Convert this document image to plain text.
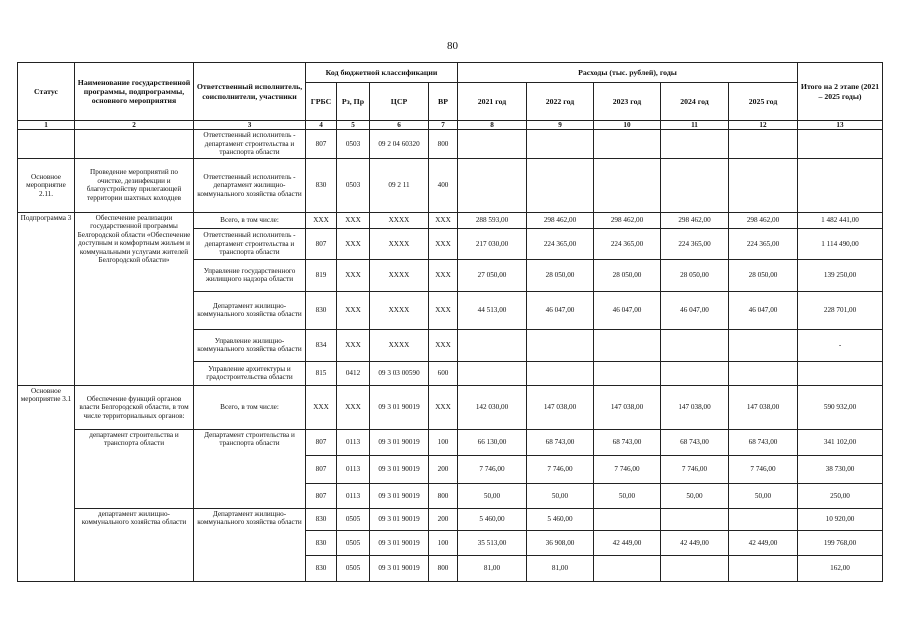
80
Статус	Наименование государственной программы, подпрограммы, основного мероприятия	Ответственный исполнитель, соисполнители, участники	Код бюджетной классификации				Расходы (тыс. рублей), годы					Итого на 2 этапе (2021 – 2025 годы)
			ГРБС	Рз, Пр	ЦСР	ВР	2021 год	2022 год	2023 год	2024 год	2025 год	
1	2	3	4	5	6	7	8	9	10	11	12	13
		Ответственный исполнитель - департамент строительства и транспорта области	807	0503	09 2 04 60320	800						
Основное мероприятие 2.11.	Проведение мероприятий по очистке, дезинфекции и благоустройству прилегающей территории шахтных колодцев	Ответственный исполнитель - департамент жилищно-коммунального хозяйства области	830	0503	09 2 11	400						
Подпрограмма 3	Обеспечение реализации государственной программы Белгородской области «Обеспечение доступным и комфортным жильем и коммунальными услугами жителей Белгородской области»	Всего, в том числе:	ХХХ	ХХХ	ХХХХ	ХХХ	288 593,00	298 462,00	298 462,00	298 462,00	298 462,00	1 482 441,00
		Ответственный исполнитель - департамент строительства и транспорта области	807	ХХХ	ХХХХ	ХХХ	217 030,00	224 365,00	224 365,00	224 365,00	224 365,00	1 114 490,00
		Управление государственного жилищного надзора области	819	ХХХ	ХХХХ	ХХХ	27 050,00	28 050,00	28 050,00	28 050,00	28 050,00	139 250,00
		Департамент жилищно-коммунального хозяйства области	830	ХХХ	ХХХХ	ХХХ	44 513,00	46 047,00	46 047,00	46 047,00	46 047,00	228 701,00
		Управление жилищно-коммунального хозяйства области	834	ХХХ	ХХХХ	ХХХ						-
		Управление архитектуры и градостроительства области	815	0412	09 3 03 00590	600						
Основное мероприятие 3.1	Обеспечение функций органов власти Белгородской области, в том числе территориальных органов:	Всего, в том числе:	ХХХ	ХХХ	09 3 01 90019	ХХХ	142 030,00	147 038,00	147 038,00	147 038,00	147 038,00	590 932,00
	департамент строительства и транспорта области	Департамент строительства и транспорта области	807	0113	09 3 01 90019	100	66 130,00	68 743,00	68 743,00	68 743,00	68 743,00	341 102,00
			807	0113	09 3 01 90019	200	7 746,00	7 746,00	7 746,00	7 746,00	7 746,00	38 730,00
			807	0113	09 3 01 90019	800	50,00	50,00	50,00	50,00	50,00	250,00
	департамент жилищно-коммунального хозяйства области	Департамент жилищно-коммунального хозяйства области	830	0505	09 3 01 90019	200	5 460,00	5 460,00				10 920,00
			830	0505	09 3 01 90019	100	35 513,00	36 908,00	42 449,00	42 449,00	42 449,00	199 768,00
			830	0505	09 3 01 90019	800	81,00	81,00				162,00
